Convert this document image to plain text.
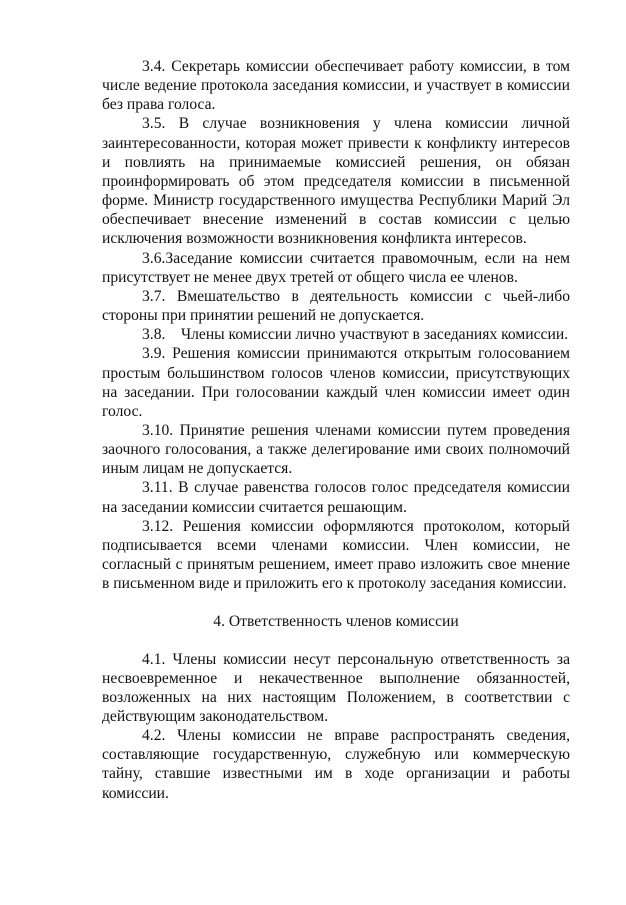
3.4. Секретарь комиссии обеспечивает работу комиссии, в том числе ведение протокола заседания комиссии, и участвует в комиссии без права голоса.

3.5. В случае возникновения у члена комиссии личной заинтересованности, которая может привести к конфликту интересов и повлиять на принимаемые комиссией решения, он обязан проинформировать об этом председателя комиссии в письменной форме. Министр государственного имущества Республики Марий Эл обеспечивает внесение изменений в состав комиссии с целью исключения возможности возникновения конфликта интересов.

3.6.Заседание комиссии считается правомочным, если на нем присутствует не менее двух третей от общего числа ее членов.

3.7. Вмешательство в деятельность комиссии с чьей-либо стороны при принятии решений не допускается.

3.8.    Члены комиссии лично участвуют в заседаниях комиссии.

3.9. Решения комиссии принимаются открытым голосованием простым большинством голосов членов комиссии, присутствующих на заседании. При голосовании каждый член комиссии имеет один голос.

3.10. Принятие решения членами комиссии путем проведения заочного голосования, а также делегирование ими своих полномочий иным лицам не допускается.

3.11. В случае равенства голосов голос председателя комиссии на заседании комиссии считается решающим.

3.12. Решения комиссии оформляются протоколом, который подписывается всеми членами комиссии. Член комиссии, не согласный с принятым решением, имеет право изложить свое мнение в письменном виде и приложить его к протоколу заседания комиссии.

4. Ответственность членов комиссии

4.1. Члены комиссии несут персональную ответственность за несвоевременное и некачественное выполнение обязанностей, возложенных на них настоящим Положением, в соответствии с действующим законодательством.

4.2. Члены комиссии не вправе распространять сведения, составляющие государственную, служебную или коммерческую тайну, ставшие известными им в ходе организации и работы комиссии.
